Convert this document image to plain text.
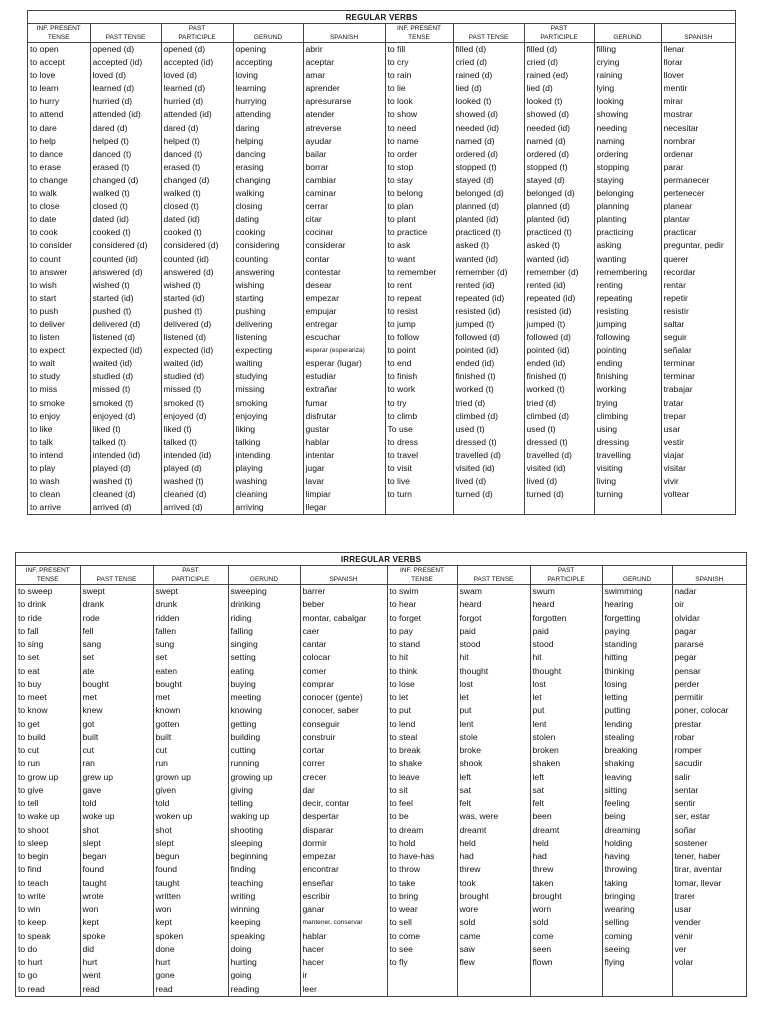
REGULAR VERBS									
INF. PRESENT		PAST			INF. PRESENT		PAST		
TENSE	PAST TENSE	PARTICIPLE	GERUND	SPANISH	TENSE	PAST TENSE	PARTICIPLE	GERUND	SPANISH
to open	opened (d)	opened (d)	opening	abrir	to fill	filled (d)	filled (d)	filling	llenar
to accept	accepted (id)	accepted (id)	accepting	aceptar	to cry	cried (d)	cried (d)	crying	llorar
to love	loved (d)	loved (d)	loving	amar	to rain	rained (d)	rained (ed)	raining	llover
to learn	learned (d)	learned (d)	learning	aprender	to lie	lied (d)	lied (d)	lying	mentir
to hurry	hurried (d)	hurried (d)	hurrying	apresurarse	to look	looked (t)	looked (t)	looking	mirar
to attend	attended (id)	attended (id)	attending	atender	to show	showed (d)	showed (d)	showing	mostrar
to dare	dared (d)	dared (d)	daring	atreverse	to need	needed (id)	needed (id)	needing	necesitar
to help	helped (t)	helped (t)	helping	ayudar	to name	named (d)	named (d)	naming	nombrar
to dance	danced (t)	danced (t)	dancing	bailar	to order	ordered (d)	ordered (d)	ordering	ordenar
to erase	erased (t)	erased (t)	erasing	borrar	to stop	stopped (t)	stopped (t)	stopping	parar
to change	changed (d)	changed (d)	changing	cambiar	to stay	stayed (d)	stayed (d)	staying	permanecer
to walk	walked (t)	walked (t)	walking	caminar	to belong	belonged (d)	belonged (d)	belonging	pertenecer
to close	closed (t)	closed (t)	closing	cerrar	to plan	planned (d)	planned (d)	planning	planear
to date	dated (id)	dated (id)	dating	citar	to plant	planted (id)	planted (id)	planting	plantar
to cook	cooked (t)	cooked (t)	cooking	cocinar	to practice	practiced (t)	practiced (t)	practicing	practicar
to consider	considered (d)	considered (d)	considering	considerar	to ask	asked (t)	asked (t)	asking	preguntar, pedir
to count	counted (id)	counted (id)	counting	contar	to want	wanted (id)	wanted (id)	wanting	querer
to answer	answered (d)	answered (d)	answering	contestar	to remember	remember (d)	remember (d)	remembering	recordar
to wish	wished (t)	wished (t)	wishing	desear	to rent	rented (id)	rented (id)	renting	rentar
to start	started (id)	started (id)	starting	empezar	to repeat	repeated (id)	repeated (id)	repeating	repetir
to push	pushed (t)	pushed (t)	pushing	empujar	to resist	resisted (id)	resisted (id)	resisting	resistir
to deliver	delivered (d)	delivered (d)	delivering	entregar	to jump	jumped (t)	jumped (t)	jumping	saltar
to listen	listened (d)	listened (d)	listening	escuchar	to follow	followed (d)	followed (d)	following	seguir
to expect	expected (id)	expected (id)	expecting	esperar (esperanza)	to point	pointed (id)	pointed (id)	pointing	señalar
to wait	waited (id)	waited (id)	waiting	esperar (lugar)	to end	ended (id)	ended (id)	ending	terminar
to study	studied (d)	studied (d)	studying	estudiar	to finish	finished (t)	finished (t)	finishing	terminar
to miss	missed (t)	missed (t)	missing	extrañar	to work	worked (t)	worked (t)	working	trabajar
to smoke	smoked (t)	smoked (t)	smoking	fumar	to try	tried (d)	tried (d)	trying	tratar
to enjoy	enjoyed (d)	enjoyed (d)	enjoying	disfrutar	to climb	climbed (d)	climbed (d)	climbing	trepar
to like	liked (t)	liked (t)	liking	gustar	To use	used (t)	used (t)	using	usar
to talk	talked (t)	talked (t)	talking	hablar	to dress	dressed (t)	dressed (t)	dressing	vestir
to intend	intended (id)	intended (id)	intending	intentar	to travel	travelled (d)	travelled (d)	travelling	viajar
to play	played (d)	played (d)	playing	jugar	to visit	visited (id)	visited (id)	visiting	visitar
to wash	washed (t)	washed (t)	washing	lavar	to live	lived (d)	lived (d)	living	vivir
to clean	cleaned (d)	cleaned (d)	cleaning	limpiar	to turn	turned (d)	turned (d)	turning	voltear
to arrive	arrived (d)	arrived (d)	arriving	llegar					
IRREGULAR VERBS									
INF. PRESENT		PAST			INF. PRESENT		PAST		
TENSE	PAST TENSE	PARTICIPLE	GERUND	SPANISH	TENSE	PAST TENSE	PARTICIPLE	GERUND	SPANISH
to sweep	swept	swept	sweeping	barrer	to swim	swam	swum	swimming	nadar
to drink	drank	drunk	drinking	beber	to hear	heard	heard	hearing	oir
to ride	rode	ridden	riding	montar, cabalgar	to forget	forgot	forgotten	forgetting	olvidar
to fall	fell	fallen	falling	caer	to pay	paid	paid	paying	pagar
to sing	sang	sung	singing	cantar	to stand	stood	stood	standing	pararse
to set	set	set	setting	colocar	to hit	hit	hit	hitting	pegar
to eat	ate	eaten	eating	comer	to think	thought	thought	thinking	pensar
to buy	bought	bought	buying	comprar	to lose	lost	lost	losing	perder
to meet	met	met	meeting	conocer (gente)	to let	let	let	letting	permitir
to know	knew	known	knowing	conocer, saber	to put	put	put	putting	poner, colocar
to get	got	gotten	getting	conseguir	to lend	lent	lent	lending	prestar
to build	built	built	building	construir	to steal	stole	stolen	stealing	robar
to cut	cut	cut	cutting	cortar	to break	broke	broken	breaking	romper
to run	ran	run	running	correr	to shake	shook	shaken	shaking	sacudir
to grow up	grew up	grown up	growing up	crecer	to leave	left	left	leaving	salir
to give	gave	given	giving	dar	to sit	sat	sat	sitting	sentar
to tell	told	told	telling	decir, contar	to feel	felt	felt	feeling	sentir
to wake up	woke up	woken up	waking up	despertar	to be	was, were	been	being	ser, estar
to shoot	shot	shot	shooting	disparar	to dream	dreamt	dreamt	dreaming	soñar
to sleep	slept	slept	sleeping	dormir	to hold	held	held	holding	sostener
to begin	began	begun	beginning	empezar	to have-has	had	had	having	tener, haber
to find	found	found	finding	encontrar	to throw	threw	threw	throwing	tirar, aventar
to teach	taught	taught	teaching	enseñar	to take	took	taken	taking	tomar, llevar
to write	wrote	written	writing	escribir	to bring	brought	brought	bringing	trarer
to win	won	won	winning	ganar	to wear	wore	worn	wearing	usar
to keep	kept	kept	keeping	mantener, conservar	to sell	sold	sold	selling	vender
to speak	spoke	spoken	speaking	hablar	to come	came	come	coming	venir
to do	did	done	doing	hacer	to see	saw	seen	seeing	ver
to hurt	hurt	hurt	hurting	hacer	to fly	flew	flown	flying	volar
to go	went	gone	going	ir					
to read	read	read	reading	leer					
